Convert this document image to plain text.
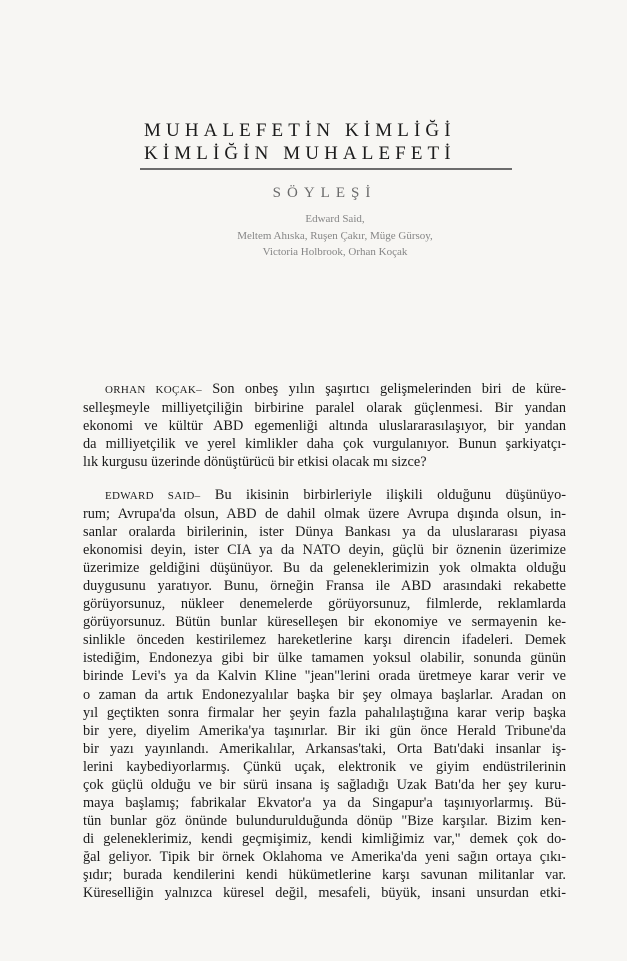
MUHALEFETİN KİMLİĞİ
KİMLİĞİN MUHALEFETİ
SÖYLEŞİ
Edward Said,
Meltem Ahıska, Ruşen Çakır, Müge Gürsoy,
Victoria Holbrook, Orhan Koçak
ORHAN KOÇAK– Son onbeş yılın şaşırtıcı gelişmelerinden biri de küre-
selleşmeyle milliyetçiliğin birbirine paralel olarak güçlenmesi. Bir yandan
ekonomi ve kültür ABD egemenliği altında uluslararasılaşıyor, bir yandan
da milliyetçilik ve yerel kimlikler daha çok vurgulanıyor. Bunun şarkiyatçı-
lık kurgusu üzerinde dönüştürücü bir etkisi olacak mı sizce?
EDWARD SAID– Bu ikisinin birbirleriyle ilişkili olduğunu düşünüyo-
rum; Avrupa'da olsun, ABD de dahil olmak üzere Avrupa dışında olsun, in-
sanlar oralarda birilerinin, ister Dünya Bankası ya da uluslararası piyasa
ekonomisi deyin, ister CIA ya da NATO deyin, güçlü bir öznenin üzerimize
üzerimize geldiğini düşünüyor. Bu da geleneklerimizin yok olmakta olduğu
duygusunu yaratıyor. Bunu, örneğin Fransa ile ABD arasındaki rekabette
görüyorsunuz, nükleer denemelerde görüyorsunuz, filmlerde, reklamlarda
görüyorsunuz. Bütün bunlar küreselleşen bir ekonomiye ve sermayenin ke-
sinlikle önceden kestirilemez hareketlerine karşı direncin ifadeleri. Demek
istediğim, Endonezya gibi bir ülke tamamen yoksul olabilir, sonunda günün
birinde Levi's ya da Kalvin Kline "jean"lerini orada üretmeye karar verir ve
o zaman da artık Endonezyalılar başka bir şey olmaya başlarlar. Aradan on
yıl geçtikten sonra firmalar her şeyin fazla pahalılaştığına karar verip başka
bir yere, diyelim Amerika'ya taşınırlar. Bir iki gün önce Herald Tribune'da
bir yazı yayınlandı. Amerikalılar, Arkansas'taki, Orta Batı'daki insanlar iş-
lerini kaybediyorlarmış. Çünkü uçak, elektronik ve giyim endüstrilerinin
çok güçlü olduğu ve bir sürü insana iş sağladığı Uzak Batı'da her şey kuru-
maya başlamış; fabrikalar Ekvator'a ya da Singapur'a taşınıyorlarmış. Bü-
tün bunlar göz önünde bulundurulduğunda dönüp "Bize karşılar. Bizim ken-
di geleneklerimiz, kendi geçmişimiz, kendi kimliğimiz var," demek çok do-
ğal geliyor. Tipik bir örnek Oklahoma ve Amerika'da yeni sağın ortaya çıkı-
şıdır; burada kendilerini kendi hükümetlerine karşı savunan militanlar var.
Küreselliğin yalnızca küresel değil, mesafeli, büyük, insani unsurdan etki-
